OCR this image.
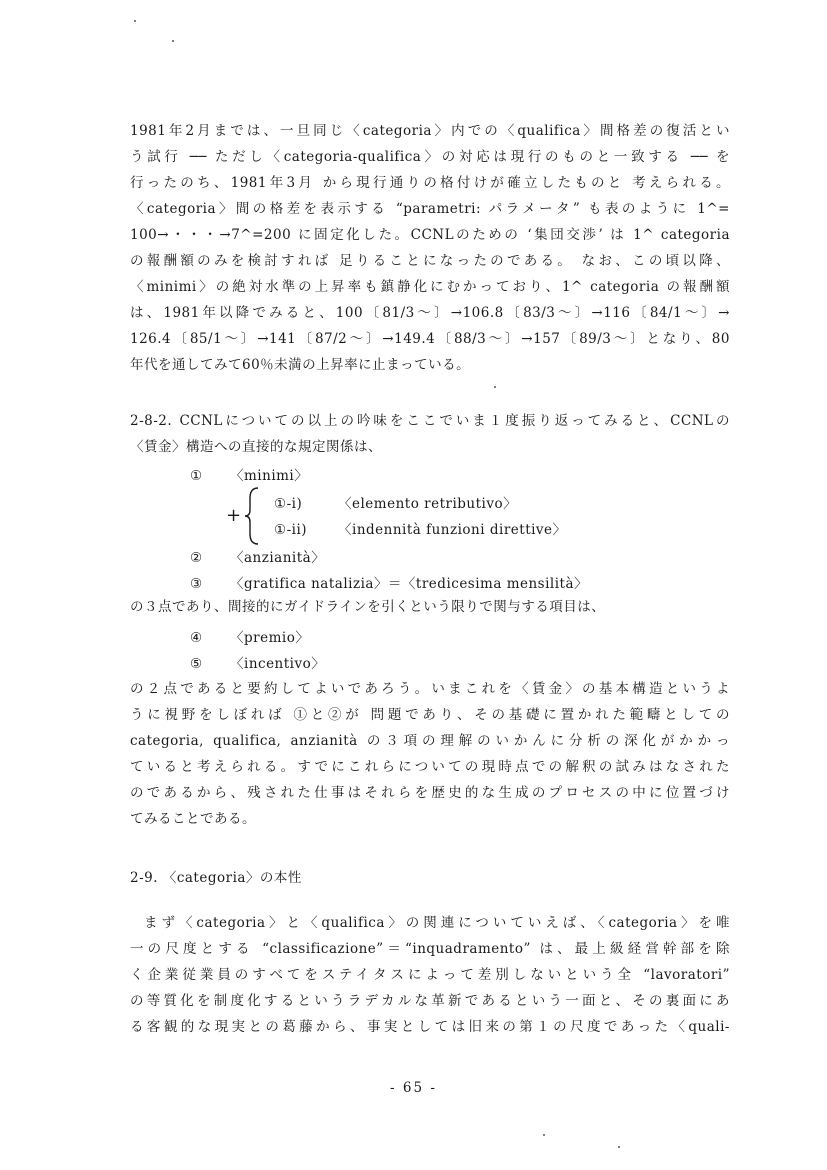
1981年2月までは、一旦同じ〈categoria〉内での〈qualifica〉間格差の復活とい
う試行 ── ただし〈categoria-qualifica〉の対応は現行のものと一致する ── を
行ったのち、1981年3月 から現行通りの格付けが確立したものと 考えられる。
〈categoria〉間の格差を表示する “parametri: パラメータ” も表のように 1^=
100→・・・→7^=200 に固定化した。CCNLのための ‘集団交渉’ は 1^ categoria
の報酬額のみを検討すれば 足りることになったのである。 なお、この頃以降、
〈minimi〉の絶対水準の上昇率も鎮静化にむかっており、1^ categoria の報酬額
は、1981年以降でみると、100〔81/3～〕→106.8〔83/3～〕→116〔84/1～〕→
126.4〔85/1～〕→141〔87/2～〕→149.4〔88/3～〕→157〔89/3～〕となり、80
年代を通してみて60％未満の上昇率に止まっている。
2-8-2. CCNLについての以上の吟味をここでいま１度振り返ってみると、CCNLの
〈賃金〉構造への直接的な規定関係は、
① 〈minimi〉
+
①-i)	〈elemento retributivo〉
①-ii) 〈indennità funzioni direttive〉
② 〈anzianità〉
③ 〈gratifica natalizia〉＝〈tredicesima mensilità〉
の３点であり、間接的にガイドラインを引くという限りで関与する項目は、
④ 〈premio〉
⑤ 〈incentivo〉
の２点であると要約してよいであろう。いまこれを〈賃金〉の基本構造というよ
うに視野をしぼれば ①と②が 問題であり、その基礎に置かれた範疇としての
categoria, qualifica, anzianità の３項の理解のいかんに分析の深化がかかっ
ていると考えられる。すでにこれらについての現時点での解釈の試みはなされた
のであるから、残された仕事はそれらを歴史的な生成のプロセスの中に位置づけ
てみることである。
2-9. 〈categoria〉の本性
まず〈categoria〉と〈qualifica〉の関連についていえば、〈categoria〉を唯
一の尺度とする “classificazione”＝“inquadramento” は、最上級経営幹部を除
く企業従業員のすべてをステイタスによって差別しないという全 “lavoratori”
の等質化を制度化するというラデカルな革新であるという一面と、その裏面にあ
る客観的な現実との葛藤から、事実としては旧来の第１の尺度であった〈quali-
- 65 -
